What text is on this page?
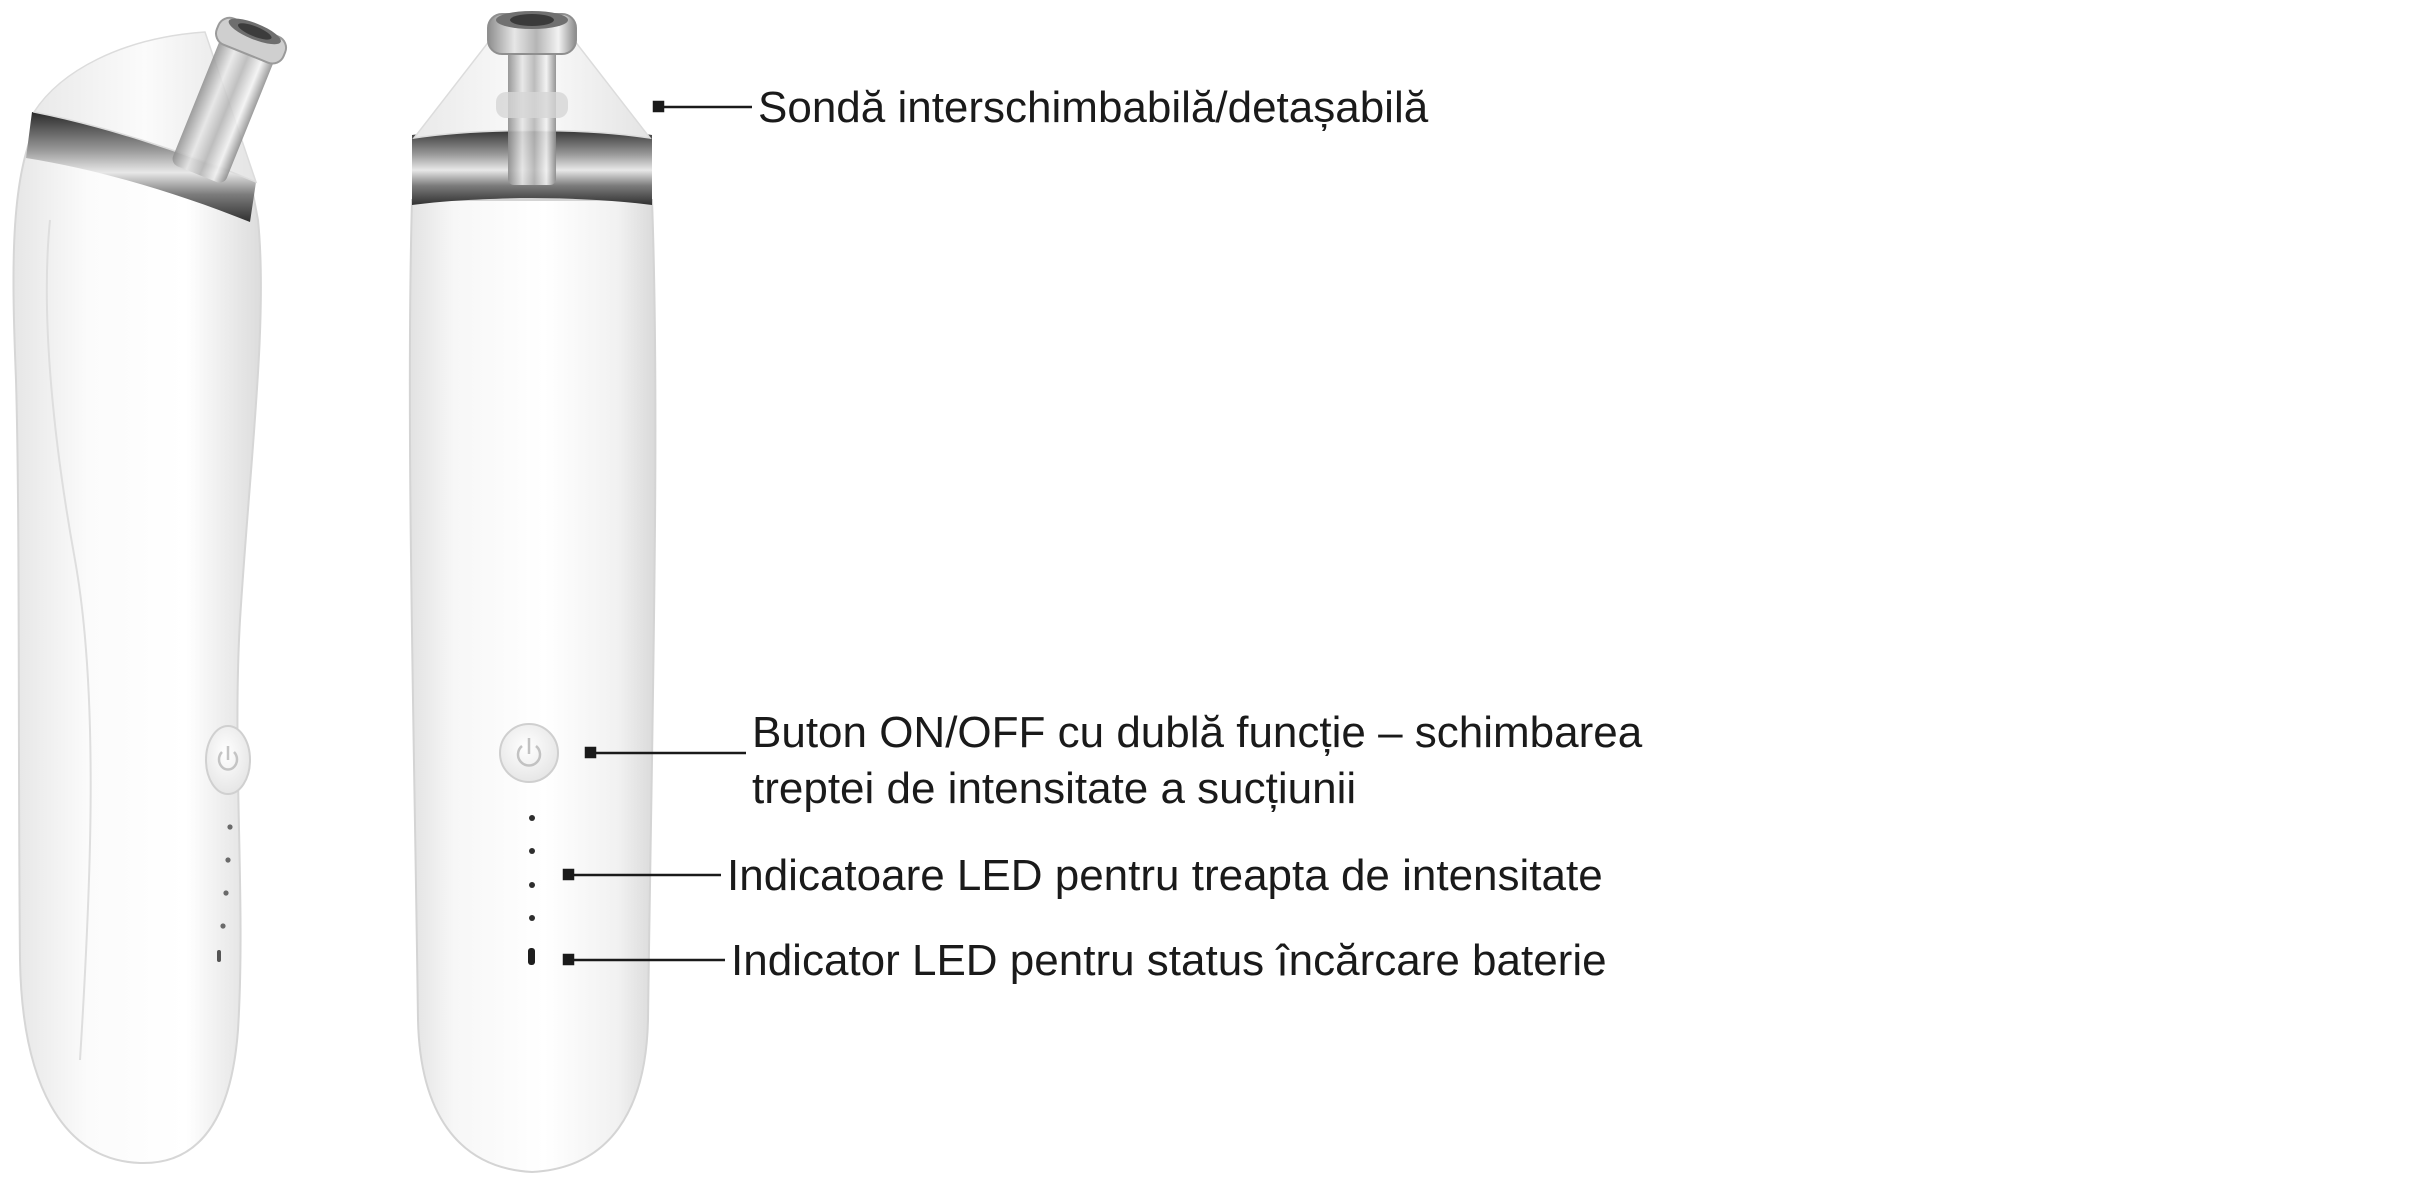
Sondă interschimbabilă/detașabilă
Buton ON/OFF cu dublă funcție – schimbarea
treptei de intensitate a sucțiunii
Indicatoare LED pentru treapta de intensitate
Indicator LED pentru status încărcare baterie
